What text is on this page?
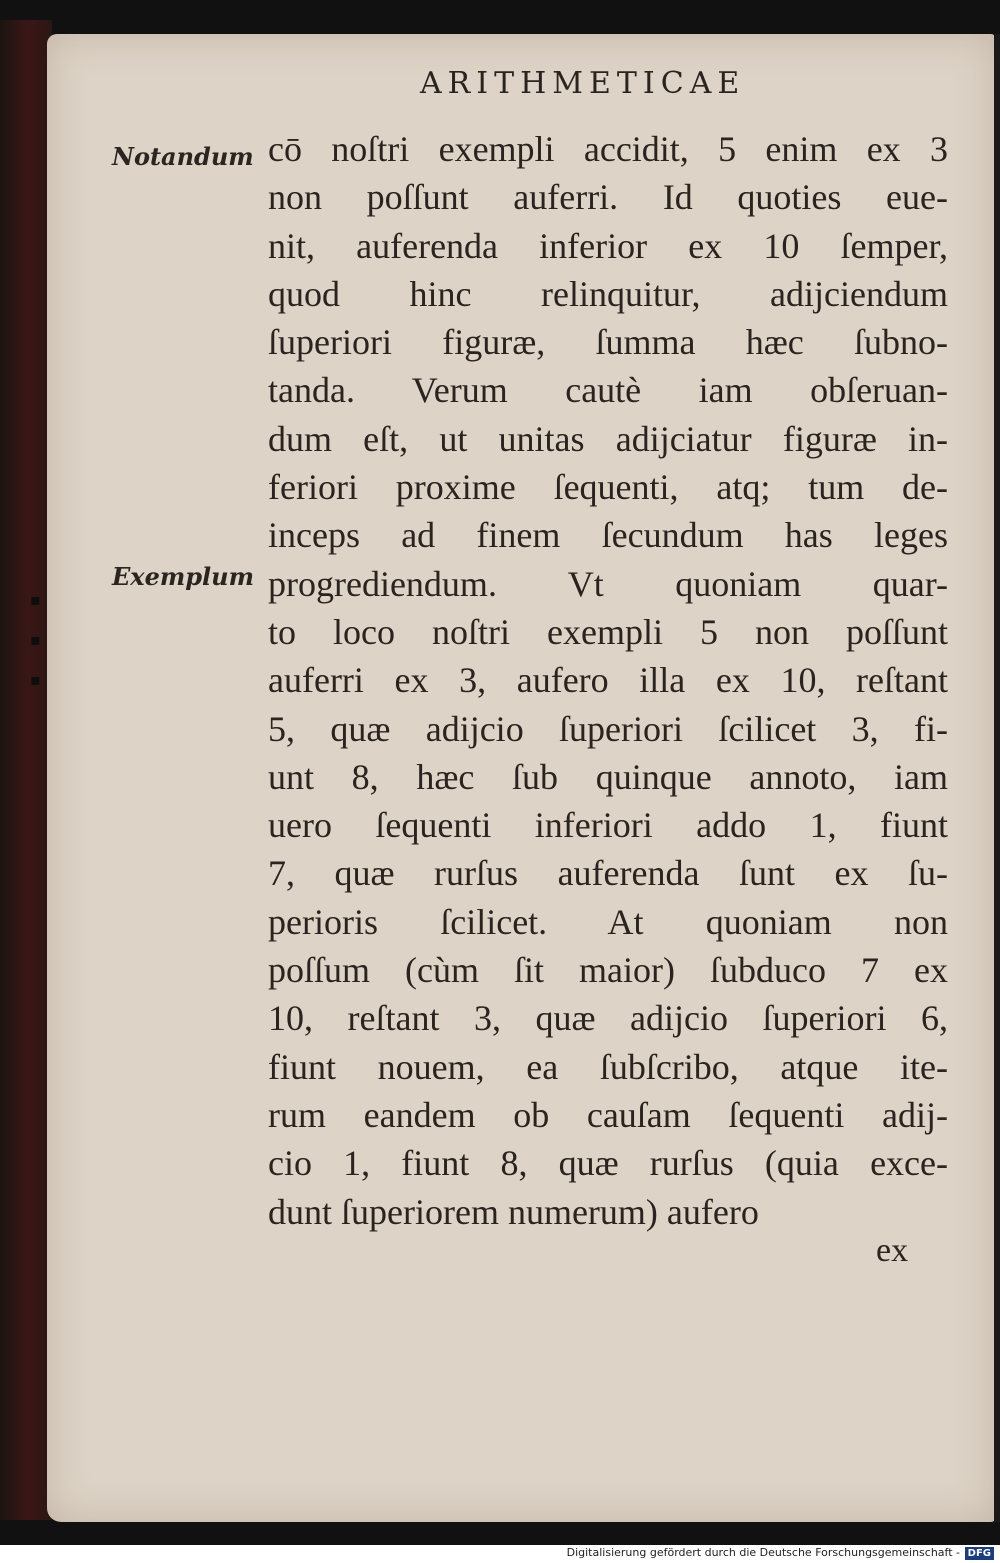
▪
▪
▪
ARITHMETICAE
Notandum
Exemplum
cō noſtri exempli accidit, 5 enim ex 3
non poſſunt auferri. Id quoties eue-
nit, auferenda inferior ex 10 ſemper,
quod hinc relinquitur, adijciendum
ſuperiori figuræ, ſumma hæc ſubno-
tanda. Verum cautè iam obſeruan-
dum eſt, ut unitas adijciatur figuræ in-
feriori proxime ſequenti, atq; tum de-
inceps ad finem ſecundum has leges
progrediendum. Vt quoniam quar-
to loco noſtri exempli 5 non poſſunt
auferri ex 3, aufero illa ex 10, reſtant
5, quæ adijcio ſuperiori ſcilicet 3, fi-
unt 8, hæc ſub quinque annoto, iam
uero ſequenti inferiori addo 1, fiunt
7, quæ rurſus auferenda ſunt ex ſu-
perioris ſcilicet. At quoniam non
poſſum (cùm ſit maior) ſubduco 7 ex
10, reſtant 3, quæ adijcio ſuperiori 6,
fiunt nouem, ea ſubſcribo, atque ite-
rum eandem ob cauſam ſequenti adij-
cio 1, fiunt 8, quæ rurſus (quia exce-
dunt ſuperiorem numerum) aufero
ex
Digitalisierung gefördert durch die Deutsche Forschungsgemeinschaft - DFG
